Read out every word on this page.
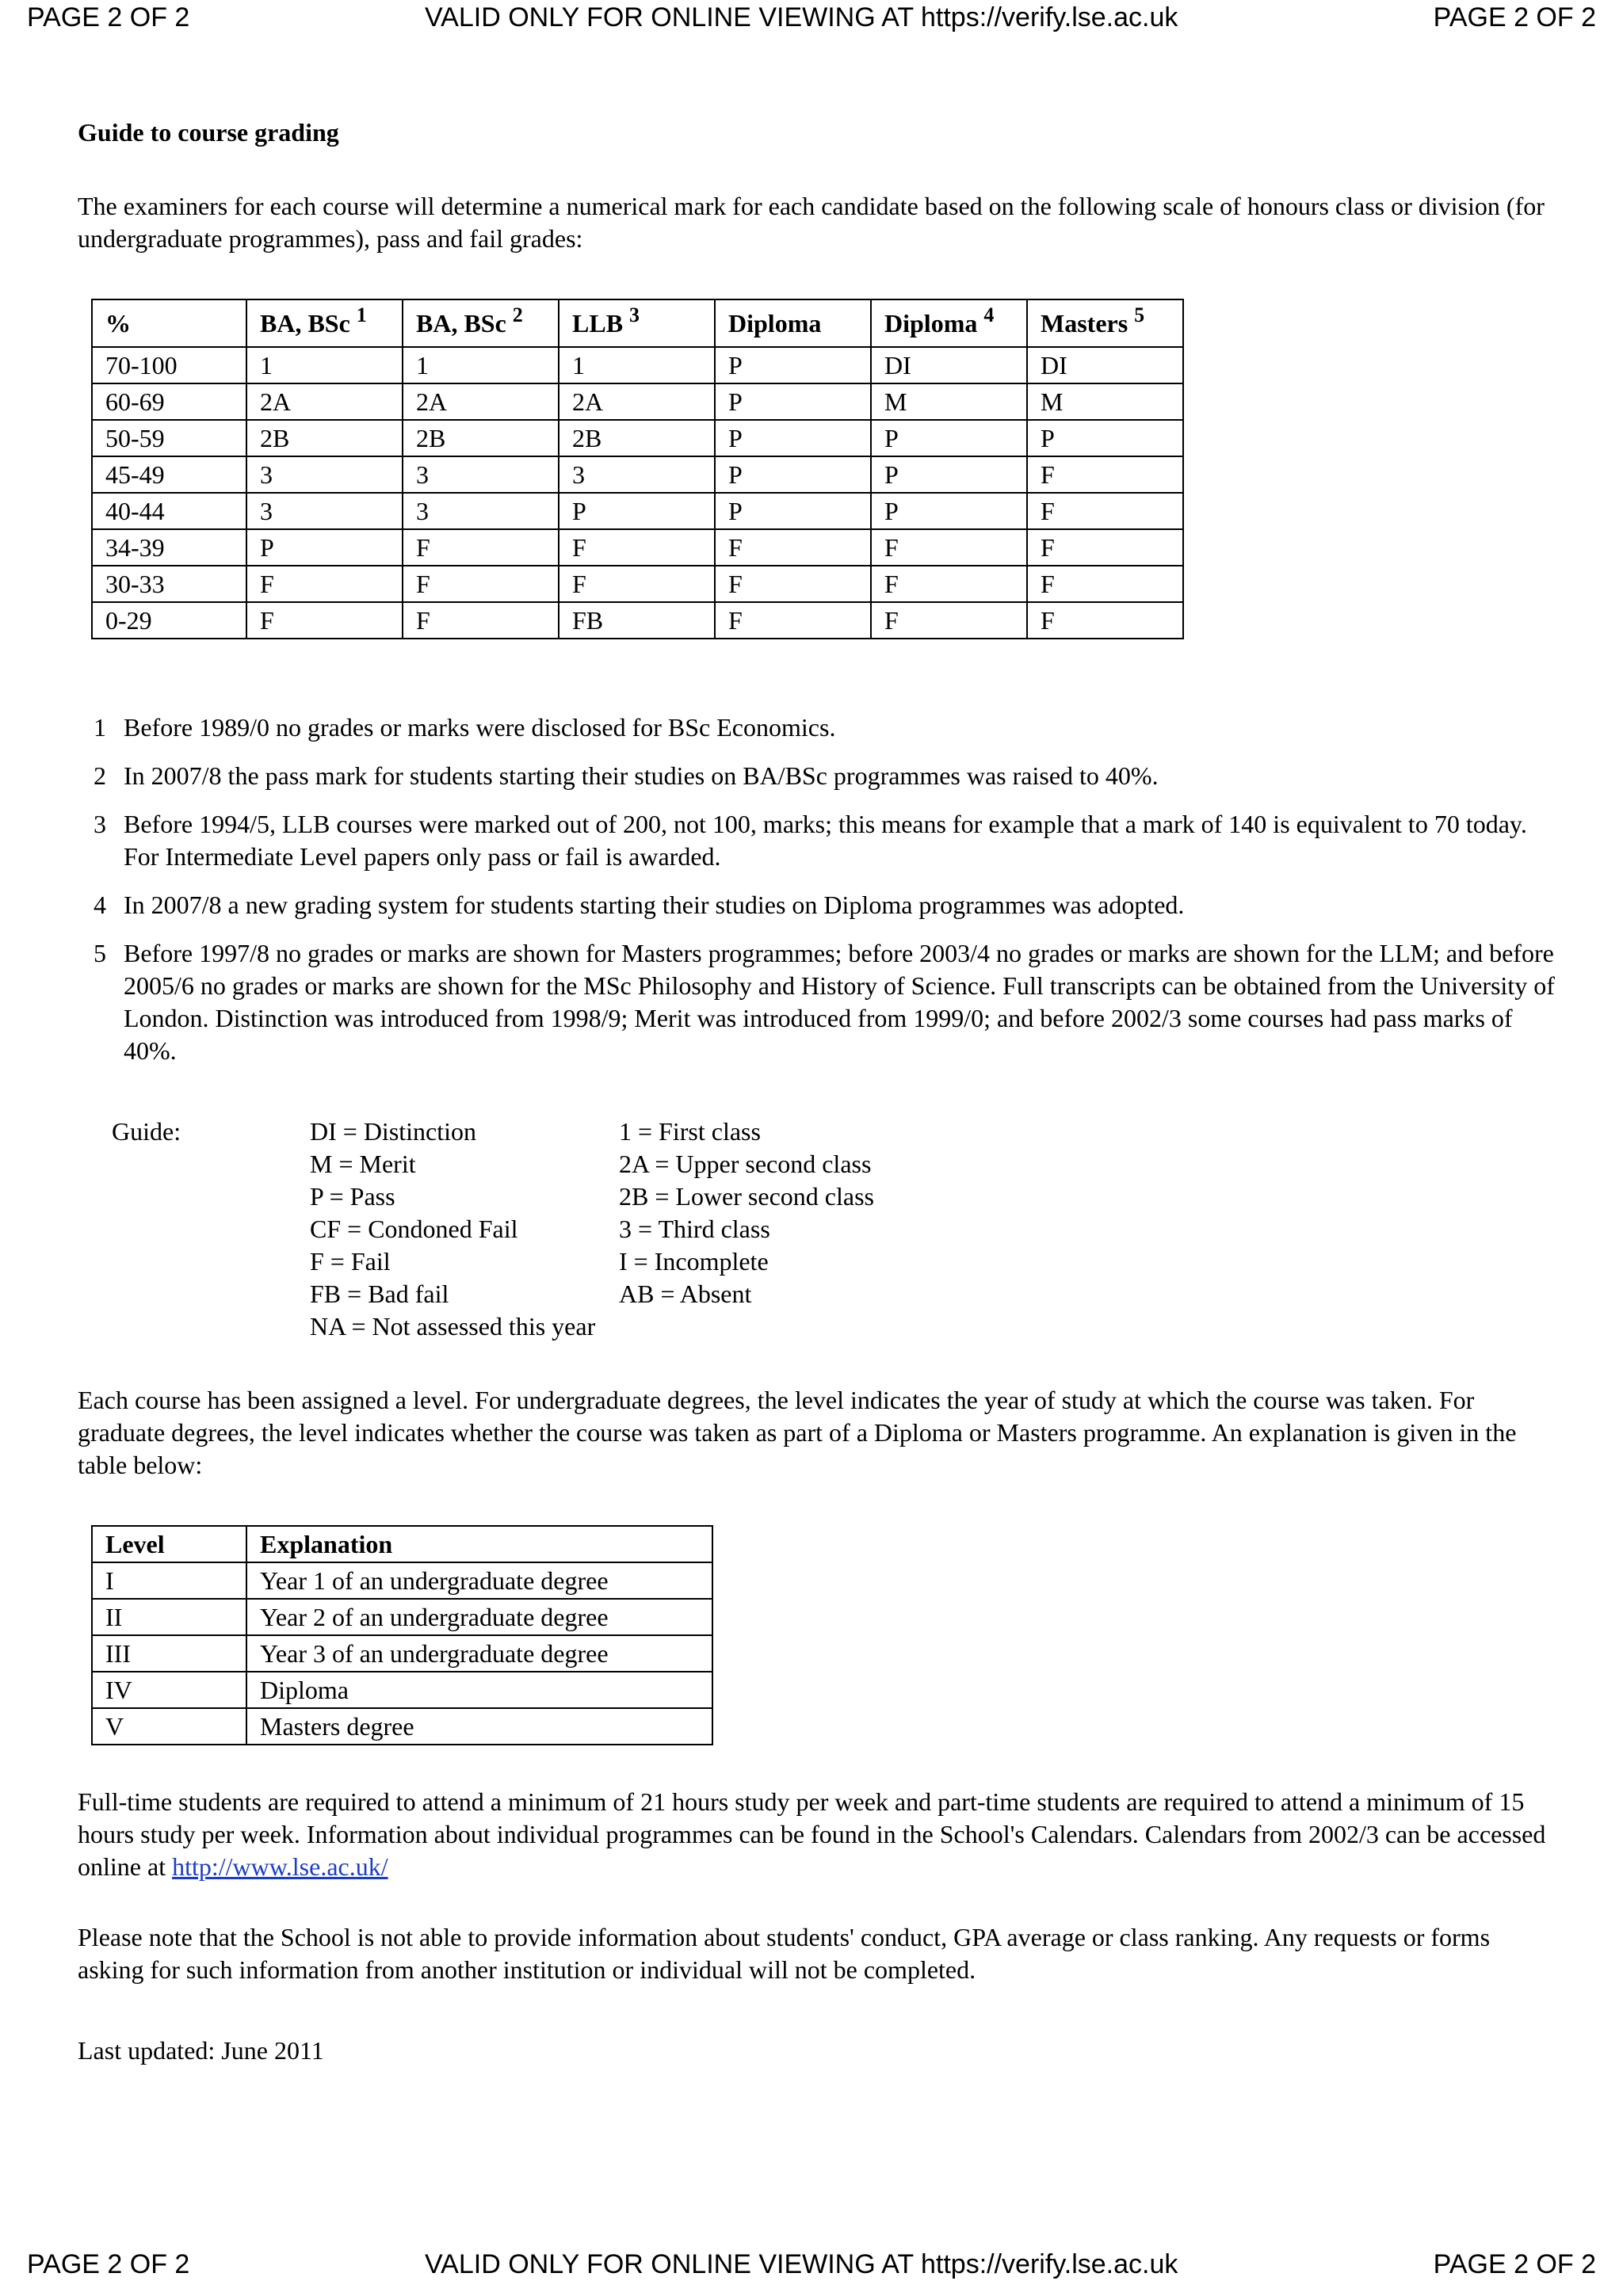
PAGE 2 OF 2	VALID ONLY FOR ONLINE VIEWING AT https://verify.lse.ac.uk	PAGE 2 OF 2
Guide to course grading

The examiners for each course will determine a numerical mark for each candidate based on the following scale of honours class or division (for undergraduate programmes), pass and fail grades:

%	BA, BSc $^1$	BA, BSc $^2$	LLB $^3$	Diploma	Diploma $^4$	Masters $^5$
70-100	1	1	1	P	DI	DI
60-69	2A	2A	2A	P	M	M
50-59	2B	2B	2B	P	P	P
45-49	3	3	3	P	P	F
40-44	3	3	P	P	P	F
34-39	P	F	F	F	F	F
30-33	F	F	F	F	F	F
0-29	F	F	FB	F	F	F
1 Before 1989/0 no grades or marks were disclosed for BSc Economics.
2 In 2007/8 the pass mark for students starting their studies on BA/BSc programmes was raised to 40%.
3 Before 1994/5, LLB courses were marked out of 200, not 100, marks; this means for example that a mark of 140 is equivalent to 70 today. For Intermediate Level papers only pass or fail is awarded.
4 In 2007/8 a new grading system for students starting their studies on Diploma programmes was adopted.
5 Before 1997/8 no grades or marks are shown for Masters programmes; before 2003/4 no grades or marks are shown for the LLM; and before 2005/6 no grades or marks are shown for the MSc Philosophy and History of Science. Full transcripts can be obtained from the University of London. Distinction was introduced from 1998/9; Merit was introduced from 1999/0; and before 2002/3 some courses had pass marks of 40%.
Guide:	DI = Distinction
M = Merit
P = Pass
CF = Condoned Fail
F = Fail
FB = Bad fail
NA = Not assessed this year
1 = First class
2A = Upper second class
2B = Lower second class
3 = Third class
I = Incomplete
AB = Absent

Each course has been assigned a level. For undergraduate degrees, the level indicates the year of study at which the course was taken. For graduate degrees, the level indicates whether the course was taken as part of a Diploma or Masters programme. An explanation is given in the table below:

Level	Explanation
I	Year 1 of an undergraduate degree
II	Year 2 of an undergraduate degree
III	Year 3 of an undergraduate degree
IV	Diploma
V	Masters degree

Full-time students are required to attend a minimum of 21 hours study per week and part-time students are required to attend a minimum of 15 hours study per week. Information about individual programmes can be found in the School's Calendars. Calendars from 2002/3 can be accessed online at http://www.lse.ac.uk/

Please note that the School is not able to provide information about students' conduct, GPA average or class ranking. Any requests or forms asking for such information from another institution or individual will not be completed.

Last updated: June 2011

PAGE 2 OF 2	VALID ONLY FOR ONLINE VIEWING AT https://verify.lse.ac.uk	PAGE 2 OF 2
